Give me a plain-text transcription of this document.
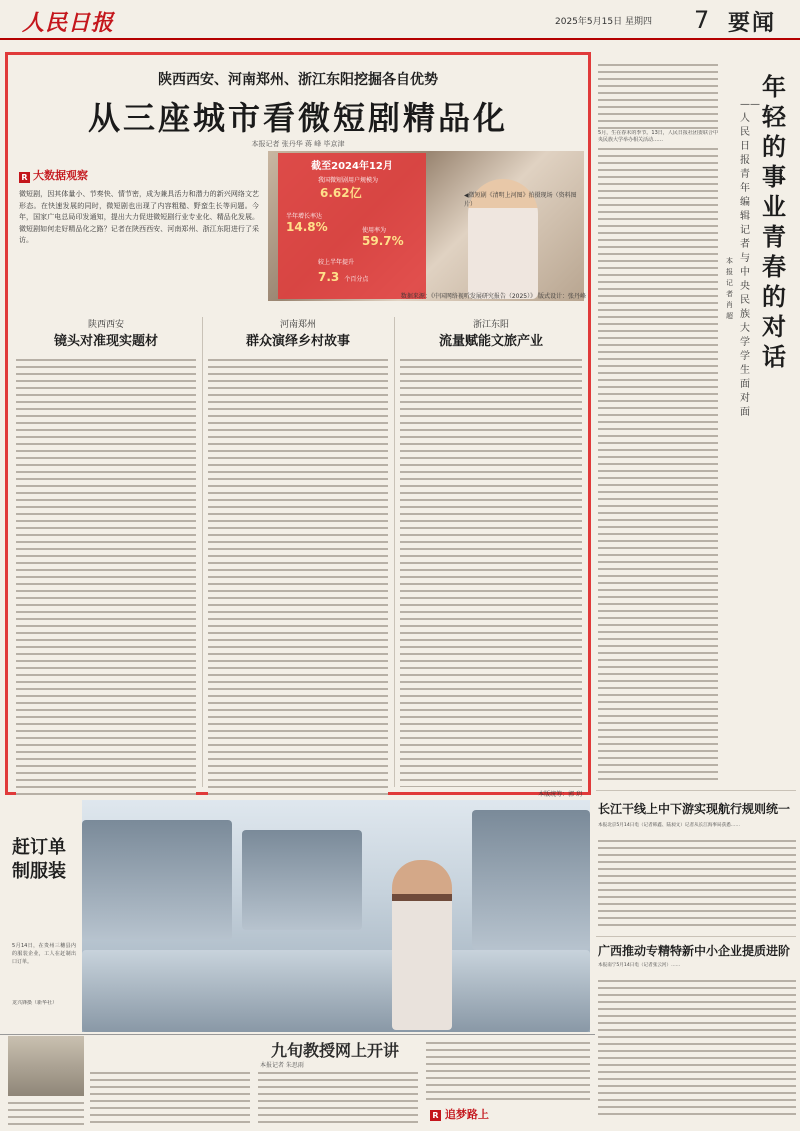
人民日报	2025年5月15日 星期四 7 要闻
陕西西安、河南郑州、浙江东阳挖掘各自优势
从三座城市看微短剧精品化
本报记者 张丹华 蒋 峰 毕京津
R 大数据观察
微短剧，因其体量小、节奏快、情节密，成为兼具活力和潜力的新兴网络文艺形态。在快速发展的同时，微短剧也出现了内容粗糙、野蛮生长等问题。今年，国家广电总局印发通知，提出大力促进微短剧行业专业化、精品化发展。微短剧如何走好精品化之路？记者在陕西西安、河南郑州、浙江东阳进行了采访。
截至2024年12月
我国微短剧用户规模为
6.62亿
半年增长率达
14.8%	使用率为
59.7%
较上半年提升
7.3 个百分点
◀微短剧《清明上河图》拍摄现场（资料图片）
数据来源：《中国网络视听发展研究报告（2025）》 版式设计：张丹峰
陕西西安
镜头对准现实题材
河南郑州
群众演绎乡村故事
浙江东阳
流量赋能文旅产业
本版统筹：郭 玥
5月，生在春末的季节。13日，人民日报社团委联合中央民族大学举办相关活动……
年轻的事业 青春的对话
——人民日报青年编辑记者与中央民族大学学生面对面
本报记者 肖 超
长江干线上中下游实现航行规则统一
本报北京5月14日电（记者韩鑫、陆昶文）记者从长江海事局获悉……
广西推动专精特新中小企业提质进阶
本报南宁5月14日电（记者张云河）……
赶订单 制服装
5月14日，在贵州三穗县内的服装企业，工人在赶制出口订单。
龙兴锋摄（新华社）
九旬教授网上开讲
本报记者 朱思雨
R 追梦路上
